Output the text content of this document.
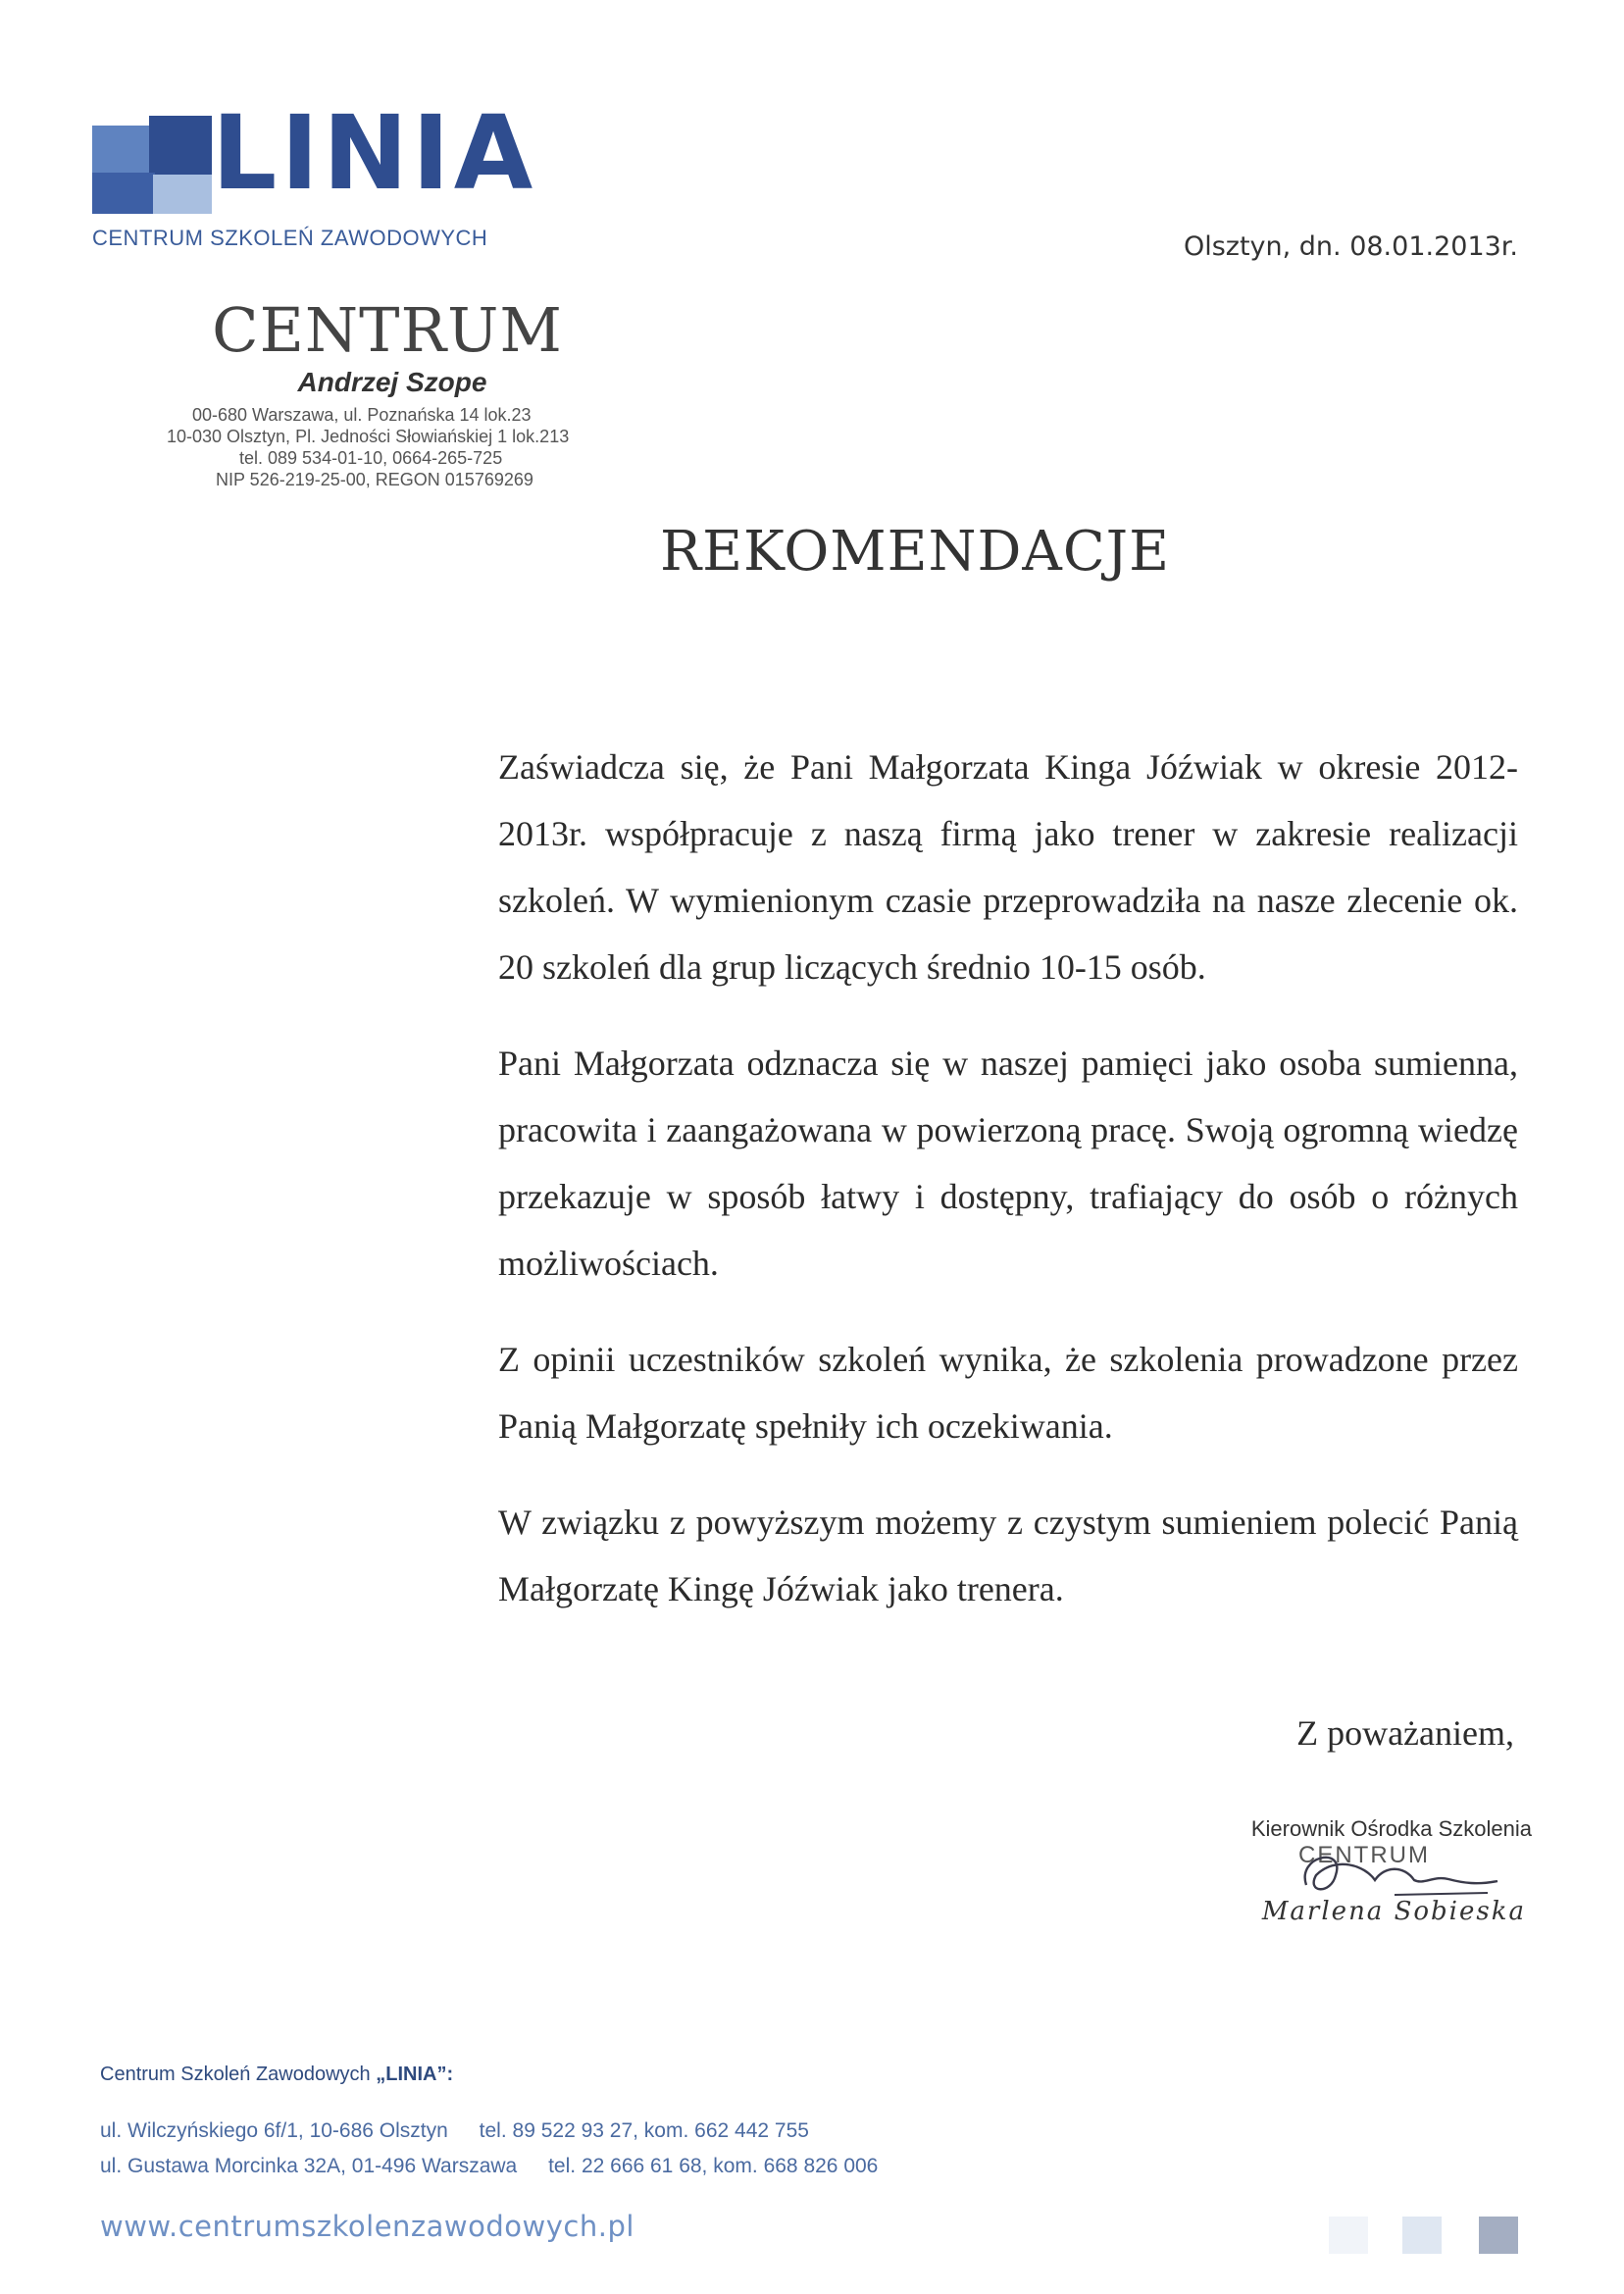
LINIA
CENTRUM SZKOLEŃ ZAWODOWYCH	Olsztyn, dn. 08.01.2013r.
CENTRUM
Andrzej Szope
00-680 Warszawa, ul. Poznańska 14 lok.23
10-030 Olsztyn, Pl. Jedności Słowiańskiej 1 lok.213
tel. 089 534-01-10, 0664-265-725
NIP 526-219-25-00, REGON 015769269
REKOMENDACJE

Zaświadcza się, że Pani Małgorzata Kinga Jóźwiak w okresie 2012-2013r. współpracuje z naszą firmą jako trener w zakresie realizacji szkoleń. W wymienionym czasie przeprowadziła na nasze zlecenie ok. 20 szkoleń dla grup liczących średnio 10-15 osób.

Pani Małgorzata odznacza się w naszej pamięci jako osoba sumienna, pracowita i zaangażowana w powierzoną pracę. Swoją ogromną wiedzę przekazuje w sposób łatwy i dostępny, trafiający do osób o różnych możliwościach.

Z opinii uczestników szkoleń wynika, że szkolenia prowadzone przez Panią Małgorzatę spełniły ich oczekiwania.

W związku z powyższym możemy z czystym sumieniem polecić Panią Małgorzatę Kingę Jóźwiak jako trenera.

Z poważaniem,
Kierownik Ośrodka Szkolenia
CENTRUM
Marlena Sobieska
Centrum Szkoleń Zawodowych „LINIA”:
ul. Wilczyńskiego 6f/1, 10-686 Olsztyn tel. 89 522 93 27, kom. 662 442 755
ul. Gustawa Morcinka 32A, 01-496 Warszawa tel. 22 666 61 68, kom. 668 826 006
www.centrumszkolenzawodowych.pl
